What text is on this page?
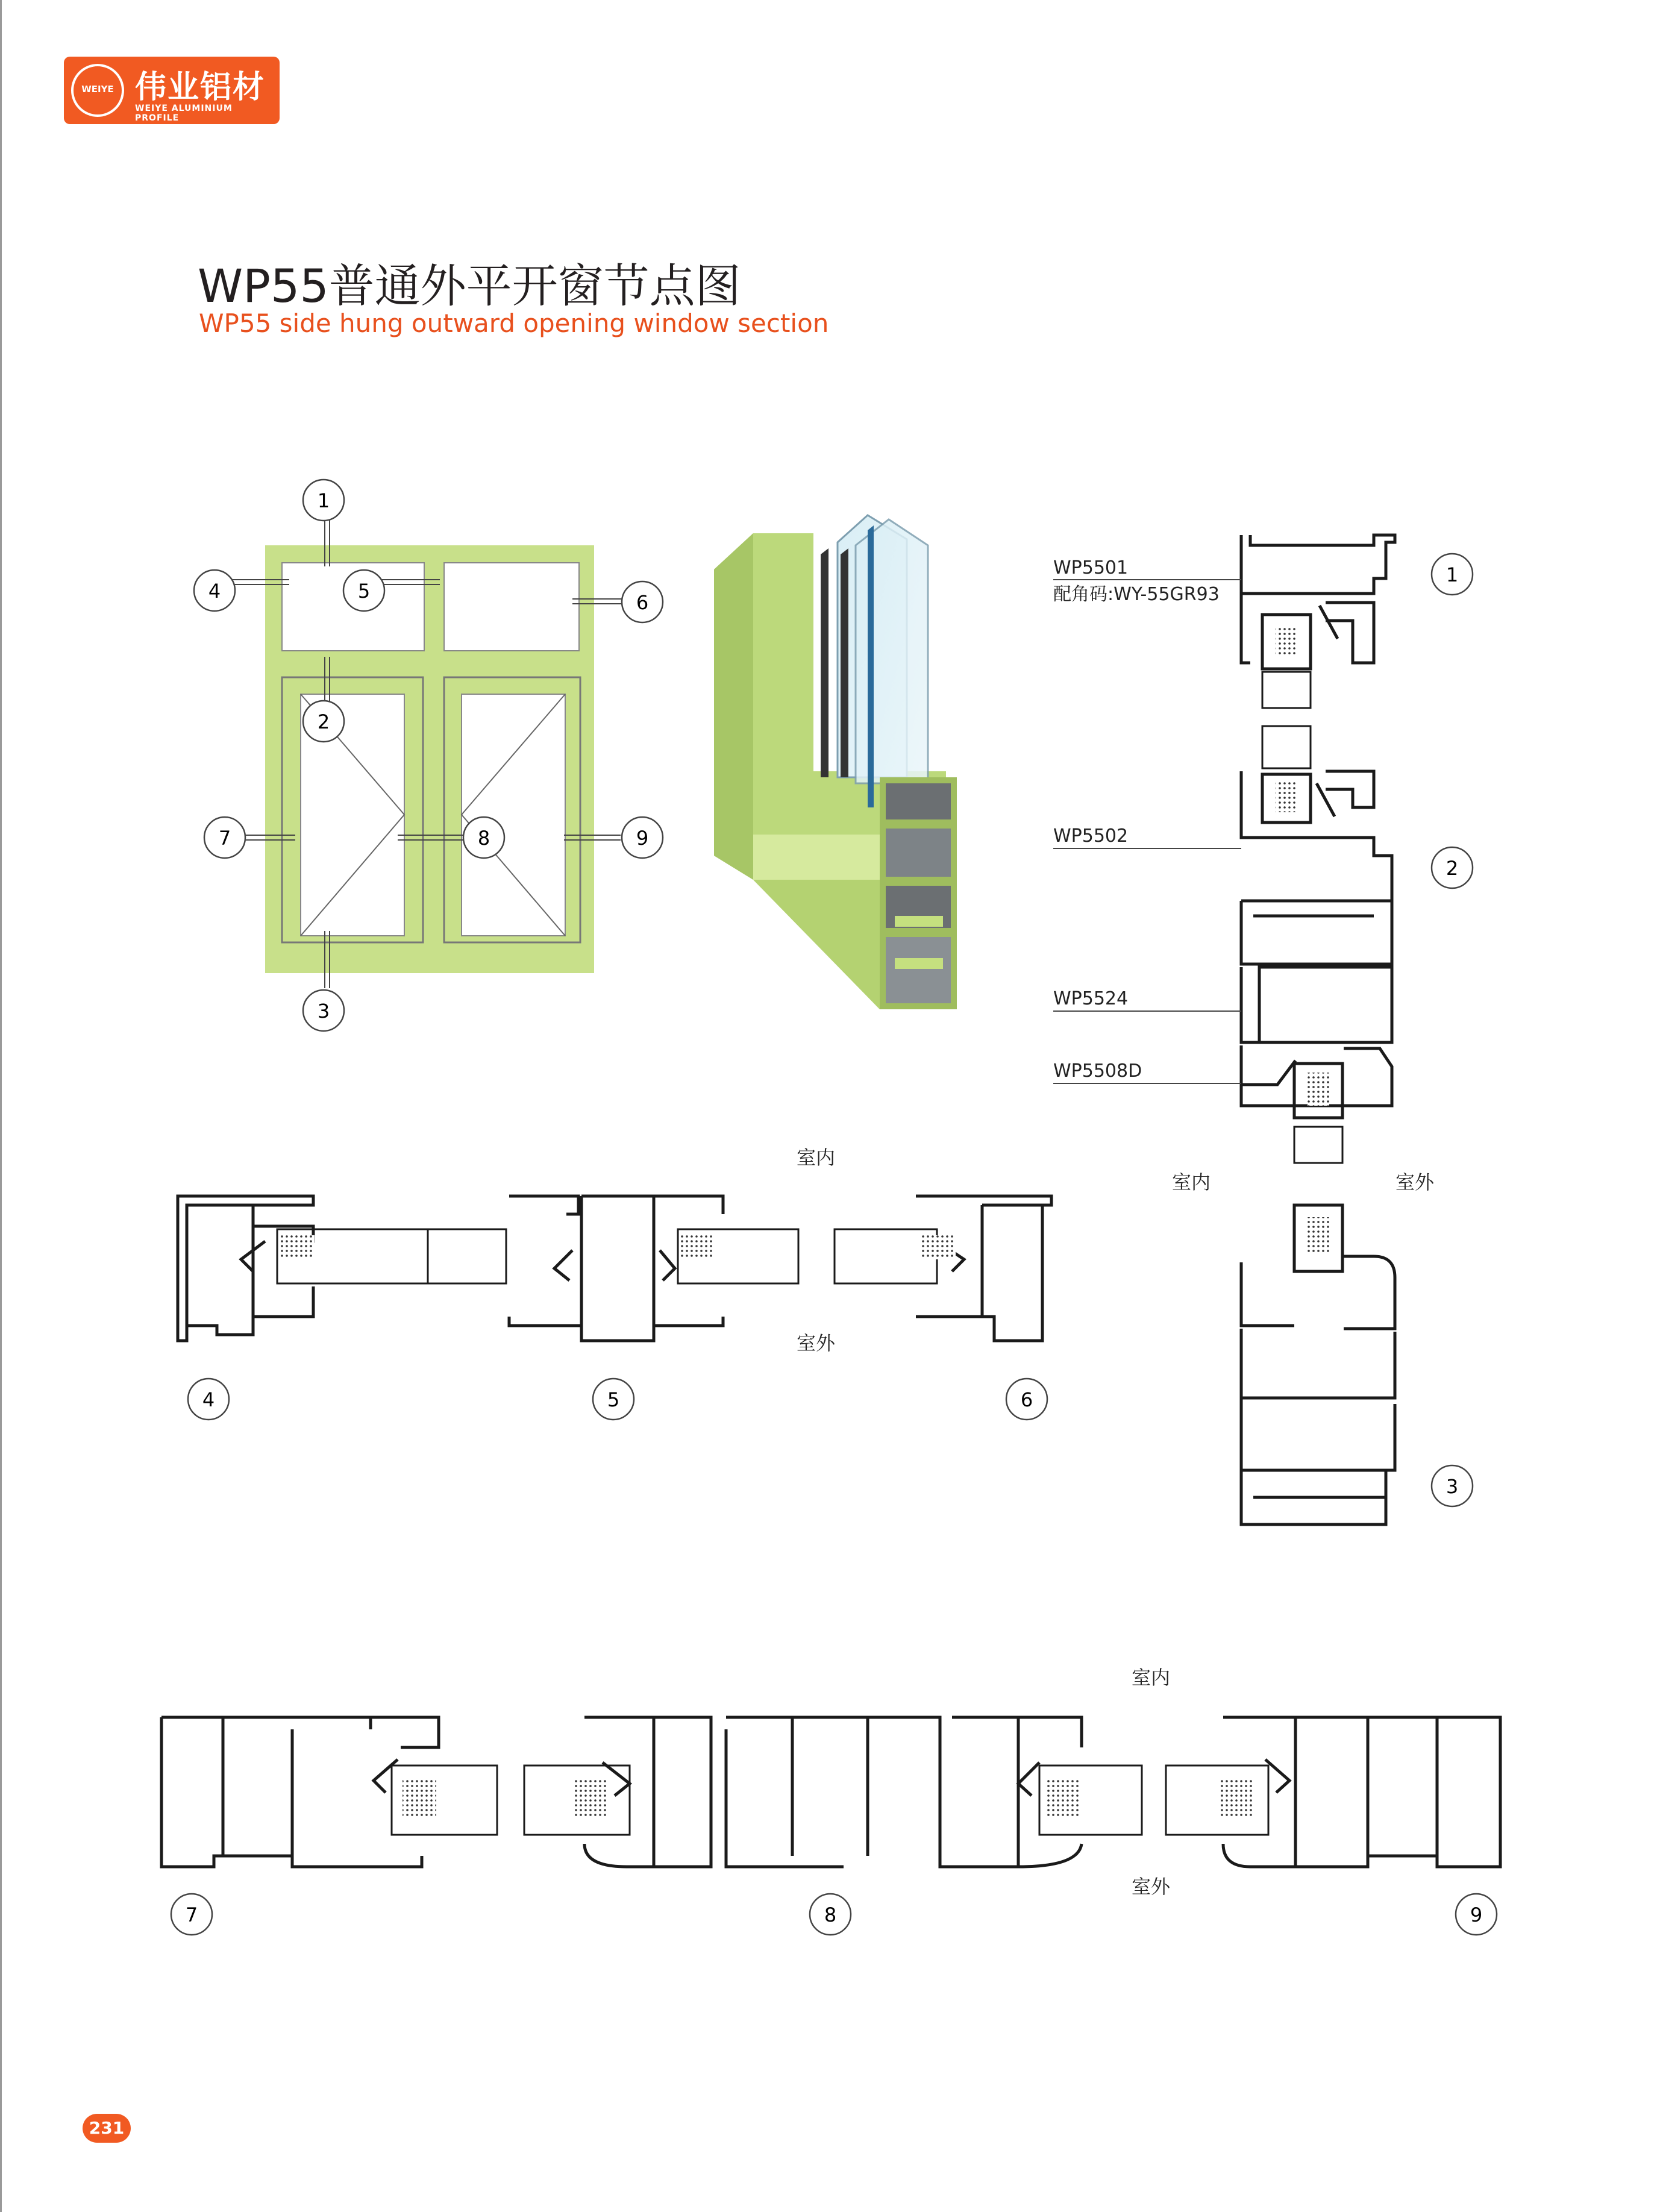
WEIYE 伟业铝材
WEIYE ALUMINIUM PROFILE
WP55普通外平开窗节点图
WP55 side hung outward opening window section
1
4	5	6
2
7	8	9
3
WP5501
配角码:WY-55GR93
WP5502
WP5524
WP5508D
室内	室外
1
2
3
室内
室外
4	5	6
室内
室外
7	8	9
231
